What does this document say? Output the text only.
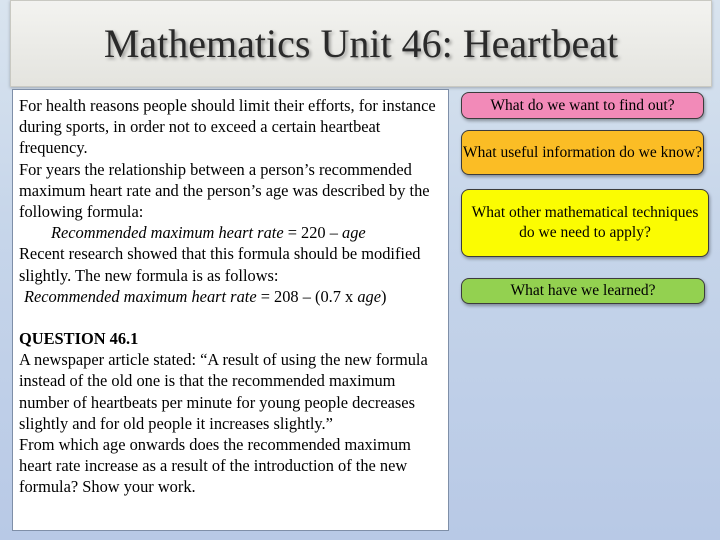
Mathematics Unit 46: Heartbeat

For health reasons people should limit their efforts, for instance during sports, in order not to exceed a certain heartbeat frequency.

For years the relationship between a person’s recommended maximum heart rate and the person’s age was described by the following formula:

Recommended maximum heart rate = 220 – age

Recent research showed that this formula should be modified slightly. The new formula is as follows:

Recommended maximum heart rate = 208 – (0.7 x age)

QUESTION 46.1

A newspaper article stated: “A result of using the new formula instead of the old one is that the recommended maximum number of heartbeats per minute for young people decreases slightly and for old people it increases slightly.”

From which age onwards does the recommended maximum heart rate increase as a result of the introduction of the new formula? Show your work.

What do we want to find out?
What useful information do we know?
What other mathematical techniques do we need to apply?
What have we learned?
